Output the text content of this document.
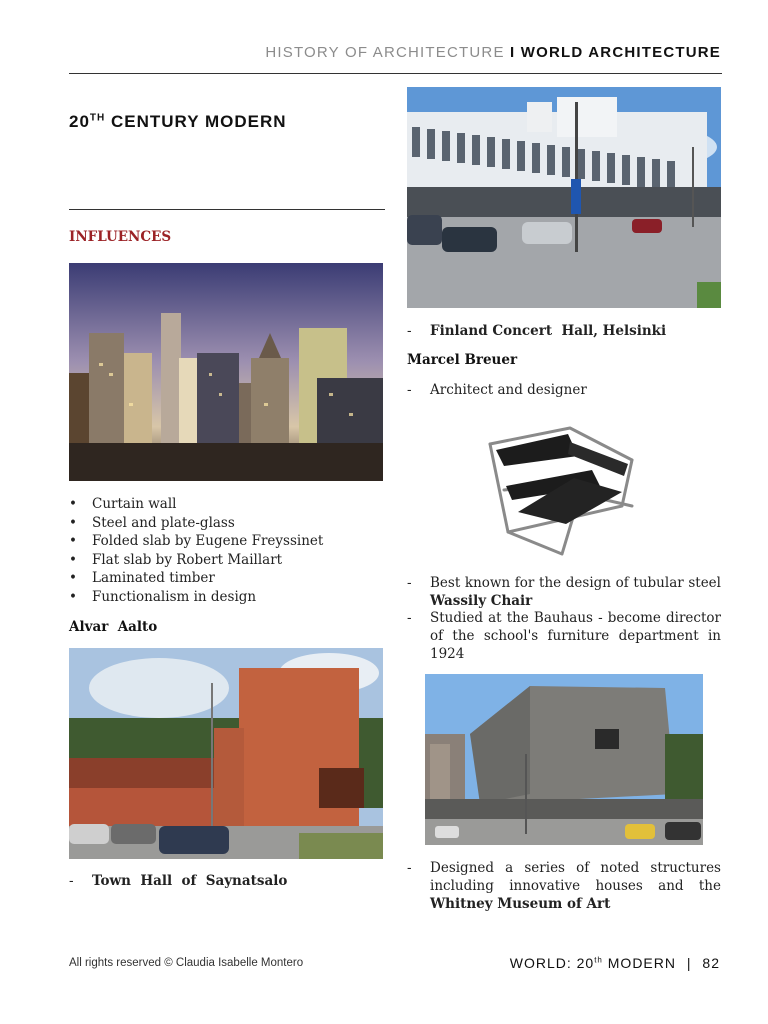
HISTORY OF ARCHITECTURE I WORLD ARCHITECTURE
20TH CENTURY MODERN
INFLUENCES
• Curtain wall
• Steel and plate-glass
• Folded slab by Eugene Freyssinet
• Flat slab by Robert Maillart
• Laminated timber
• Functionalism in design
Alvar  Aalto
- Town  Hall  of  Saynatsalo
- Finland Concert  Hall, Helsinki
Marcel Breuer
- Architect and designer
- Best known for the design of tubular steel Wassily Chair
- Studied at the Bauhaus - become director of the school's furniture department in 1924
- Designed a series of noted structures including innovative houses and the Whitney Museum of Art
All rights reserved © Claudia Isabelle Montero	WORLD: 20th MODERN | 82
